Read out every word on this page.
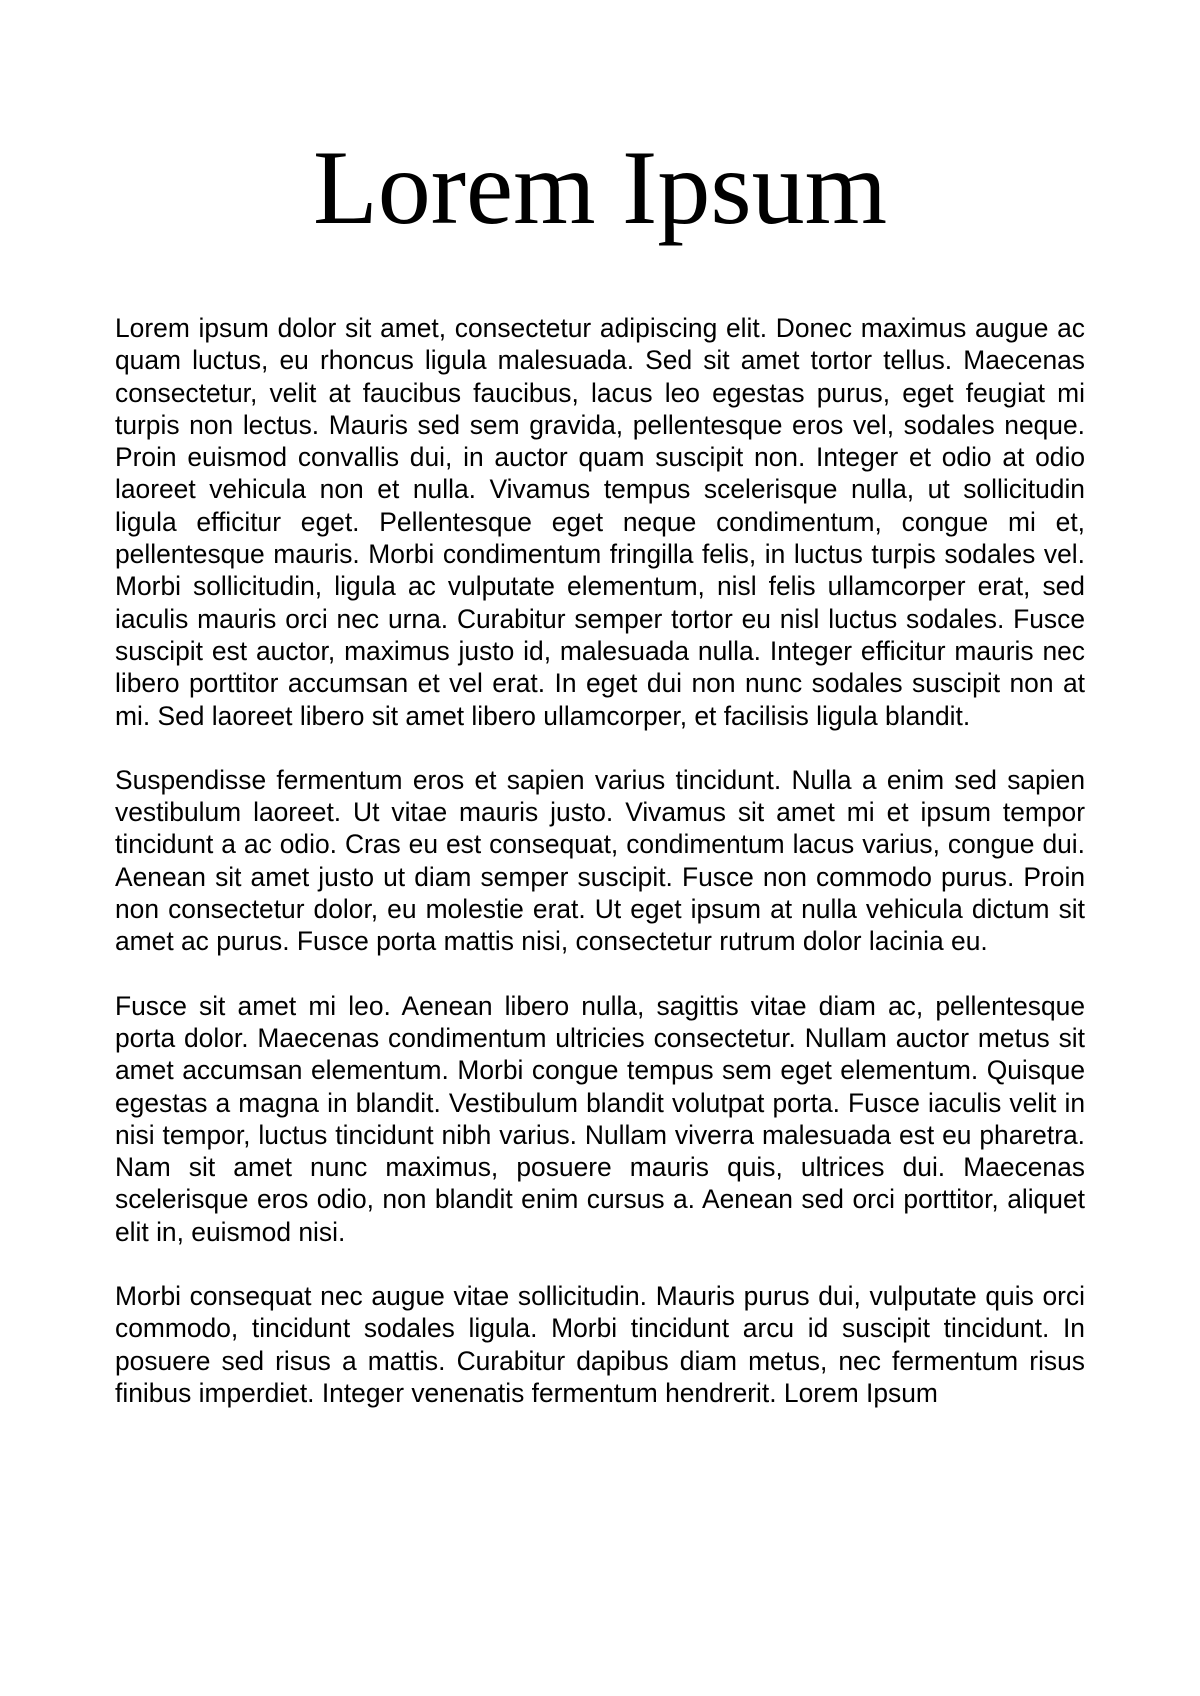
Lorem Ipsum

Lorem ipsum dolor sit amet, consectetur adipiscing elit. Donec maximus augue ac quam luctus, eu rhoncus ligula malesuada. Sed sit amet tortor tellus. Maecenas consectetur, velit at faucibus faucibus, lacus leo egestas purus, eget feugiat mi turpis non lectus. Mauris sed sem gravida, pellentesque eros vel, sodales neque. Proin euismod convallis dui, in auctor quam suscipit non. Integer et odio at odio laoreet vehicula non et nulla. Vivamus tempus scelerisque nulla, ut sollicitudin ligula efficitur eget. Pellentesque eget neque condimentum, congue mi et, pellentesque mauris. Morbi condimentum fringilla felis, in luctus turpis sodales vel. Morbi sollicitudin, ligula ac vulputate elementum, nisl felis ullamcorper erat, sed iaculis mauris orci nec urna. Curabitur semper tortor eu nisl luctus sodales. Fusce suscipit est auctor, maximus justo id, malesuada nulla. Integer efficitur mauris nec libero porttitor accumsan et vel erat. In eget dui non nunc sodales suscipit non at mi. Sed laoreet libero sit amet libero ullamcorper, et facilisis ligula blandit.

Suspendisse fermentum eros et sapien varius tincidunt. Nulla a enim sed sapien vestibulum laoreet. Ut vitae mauris justo. Vivamus sit amet mi et ipsum tempor tincidunt a ac odio. Cras eu est consequat, condimentum lacus varius, congue dui. Aenean sit amet justo ut diam semper suscipit. Fusce non commodo purus. Proin non consectetur dolor, eu molestie erat. Ut eget ipsum at nulla vehicula dictum sit amet ac purus. Fusce porta mattis nisi, consectetur rutrum dolor lacinia eu.

Fusce sit amet mi leo. Aenean libero nulla, sagittis vitae diam ac, pellentesque porta dolor. Maecenas condimentum ultricies consectetur. Nullam auctor metus sit amet accumsan elementum. Morbi congue tempus sem eget elementum. Quisque egestas a magna in blandit. Vestibulum blandit volutpat porta. Fusce iaculis velit in nisi tempor, luctus tincidunt nibh varius. Nullam viverra malesuada est eu pharetra. Nam sit amet nunc maximus, posuere mauris quis, ultrices dui. Maecenas scelerisque eros odio, non blandit enim cursus a. Aenean sed orci porttitor, aliquet elit in, euismod nisi.

Morbi consequat nec augue vitae sollicitudin. Mauris purus dui, vulputate quis orci commodo, tincidunt sodales ligula. Morbi tincidunt arcu id suscipit tincidunt. In posuere sed risus a mattis. Curabitur dapibus diam metus, nec fermentum risus finibus imperdiet. Integer venenatis fermentum hendrerit. Lorem Ipsum
